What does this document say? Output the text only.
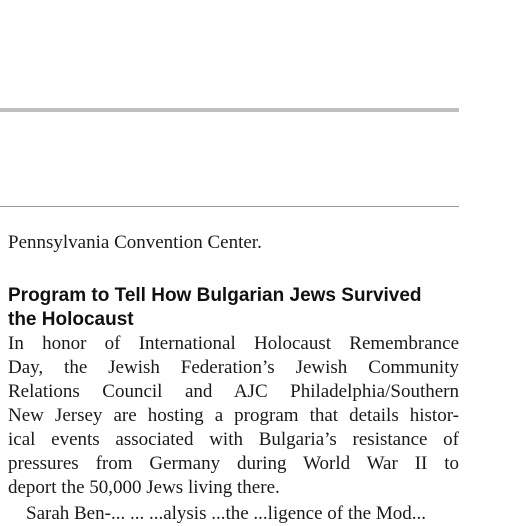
Pennsylvania Convention Center.
Program to Tell How Bulgarian Jews Survived
the Holocaust
In honor of International Holocaust Remembrance
Day, the Jewish Federation’s Jewish Community
Relations Council and AJC Philadelphia/Southern
New Jersey are hosting a program that details histor-
ical events associated with Bulgaria’s resistance of
pressures from Germany during World War II to
deport the 50,000 Jews living there.
Sarah Ben-... ... ...alysis ...the ...ligence of the Mod...
